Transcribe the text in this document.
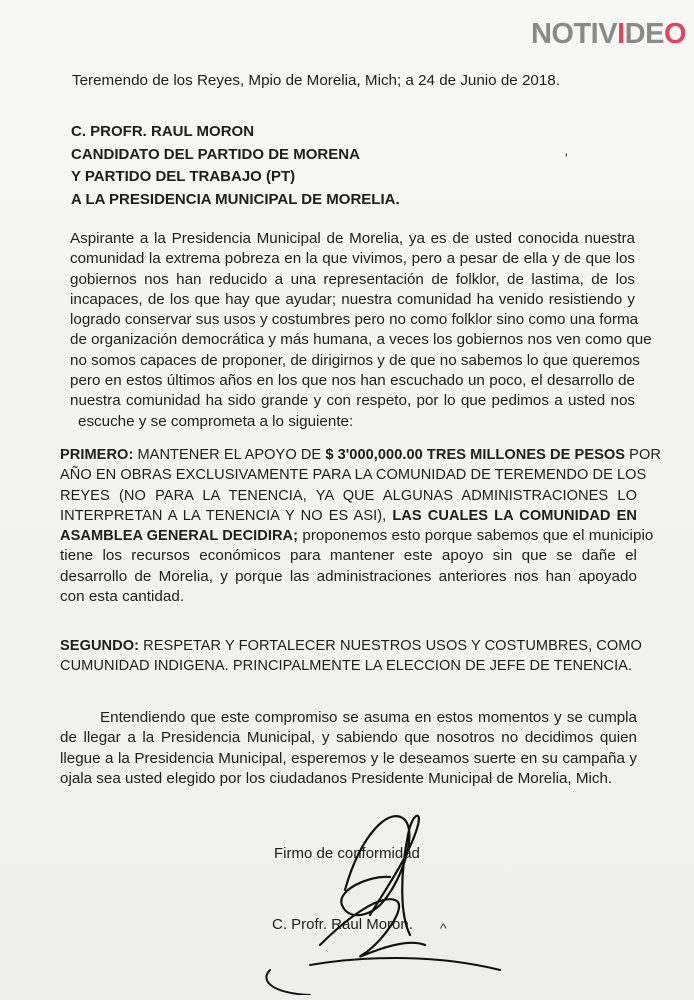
NOTIVIDEO
Teremendo de los Reyes, Mpio de Morelia, Mich; a 24 de Junio de 2018.
C. PROFR. RAUL MORON
CANDIDATO DEL PARTIDO DE MORENA
Y PARTIDO DEL TRABAJO (PT)
A LA PRESIDENCIA MUNICIPAL DE MORELIA.
Aspirante a la Presidencia Municipal de Morelia, ya es de usted conocida nuestra
comunidad la extrema pobreza en la que vivimos, pero a pesar de ella y de que los
gobiernos nos han reducido a una representación de folklor, de lastima, de los
incapaces, de los que hay que ayudar; nuestra comunidad ha venido resistiendo y
logrado conservar sus usos y costumbres pero no como folklor sino como una forma
de organización democrática y más humana, a veces los gobiernos nos ven como que
no somos capaces de proponer, de dirigirnos y de que no sabemos lo que queremos
pero en estos últimos años en los que nos han escuchado un poco, el desarrollo de
nuestra comunidad ha sido grande y con respeto, por lo que pedimos a usted nos
escuche y se comprometa a lo siguiente:
PRIMERO: MANTENER EL APOYO DE $ 3'000,000.00 TRES MILLONES DE PESOS POR
AÑO EN OBRAS EXCLUSIVAMENTE PARA LA COMUNIDAD DE TEREMENDO DE LOS
REYES (NO PARA LA TENENCIA, YA QUE ALGUNAS ADMINISTRACIONES LO
INTERPRETAN A LA TENENCIA Y NO ES ASI), LAS CUALES LA COMUNIDAD EN
ASAMBLEA GENERAL DECIDIRA; proponemos esto porque sabemos que el municipio
tiene los recursos económicos para mantener este apoyo sin que se dañe el
desarrollo de Morelia, y porque las administraciones anteriores nos han apoyado
con esta cantidad.
SEGUNDO: RESPETAR Y FORTALECER NUESTROS USOS Y COSTUMBRES, COMO
CUMUNIDAD INDIGENA. PRINCIPALMENTE LA ELECCION DE JEFE DE TENENCIA.
Entendiendo que este compromiso se asuma en estos momentos y se cumpla
de llegar a la Presidencia Municipal, y sabiendo que nosotros no decidimos quien
llegue a la Presidencia Municipal, esperemos y le deseamos suerte en su campaña y
ojala sea usted elegido por los ciudadanos Presidente Municipal de Morelia, Mich.
Firmo de conformidad
C. Profr. Raul Moron.
ʹ
^
